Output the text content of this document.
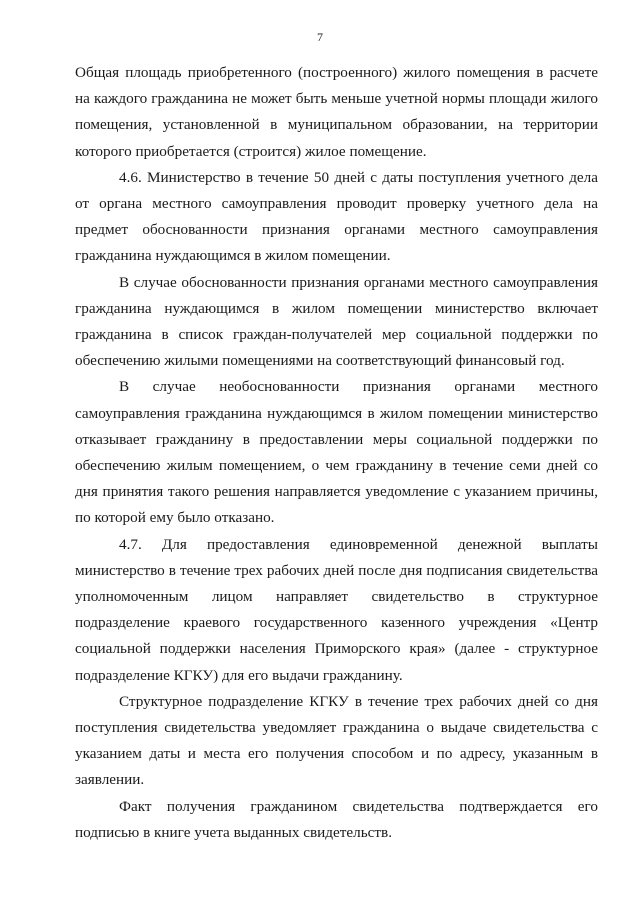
7

Общая площадь приобретенного (построенного) жилого помещения в расчете на каждого гражданина не может быть меньше учетной нормы площади жилого помещения, установленной в муниципальном образовании, на территории которого приобретается (строится) жилое помещение.

4.6. Министерство в течение 50 дней с даты поступления учетного дела от органа местного самоуправления проводит проверку учетного дела на предмет обоснованности признания органами местного самоуправления гражданина нуждающимся в жилом помещении.

В случае обоснованности признания органами местного самоуправления гражданина нуждающимся в жилом помещении министерство включает гражданина в список граждан-получателей мер социальной поддержки по обеспечению жилыми помещениями на соответствующий финансовый год.

В случае необоснованности признания органами местного самоуправления гражданина нуждающимся в жилом помещении министерство отказывает гражданину в предоставлении меры социальной поддержки по обеспечению жилым помещением, о чем гражданину в течение семи дней со дня принятия такого решения направляется уведомление с указанием причины, по которой ему было отказано.

4.7. Для предоставления единовременной денежной выплаты министерство в течение трех рабочих дней после дня подписания свидетельства уполномоченным лицом направляет свидетельство в структурное подразделение краевого государственного казенного учреждения «Центр социальной поддержки населения Приморского края» (далее - структурное подразделение КГКУ) для его выдачи гражданину.

Структурное подразделение КГКУ в течение трех рабочих дней со дня поступления свидетельства уведомляет гражданина о выдаче свидетельства с указанием даты и места его получения способом и по адресу, указанным в заявлении.

Факт получения гражданином свидетельства подтверждается его подписью в книге учета выданных свидетельств.
